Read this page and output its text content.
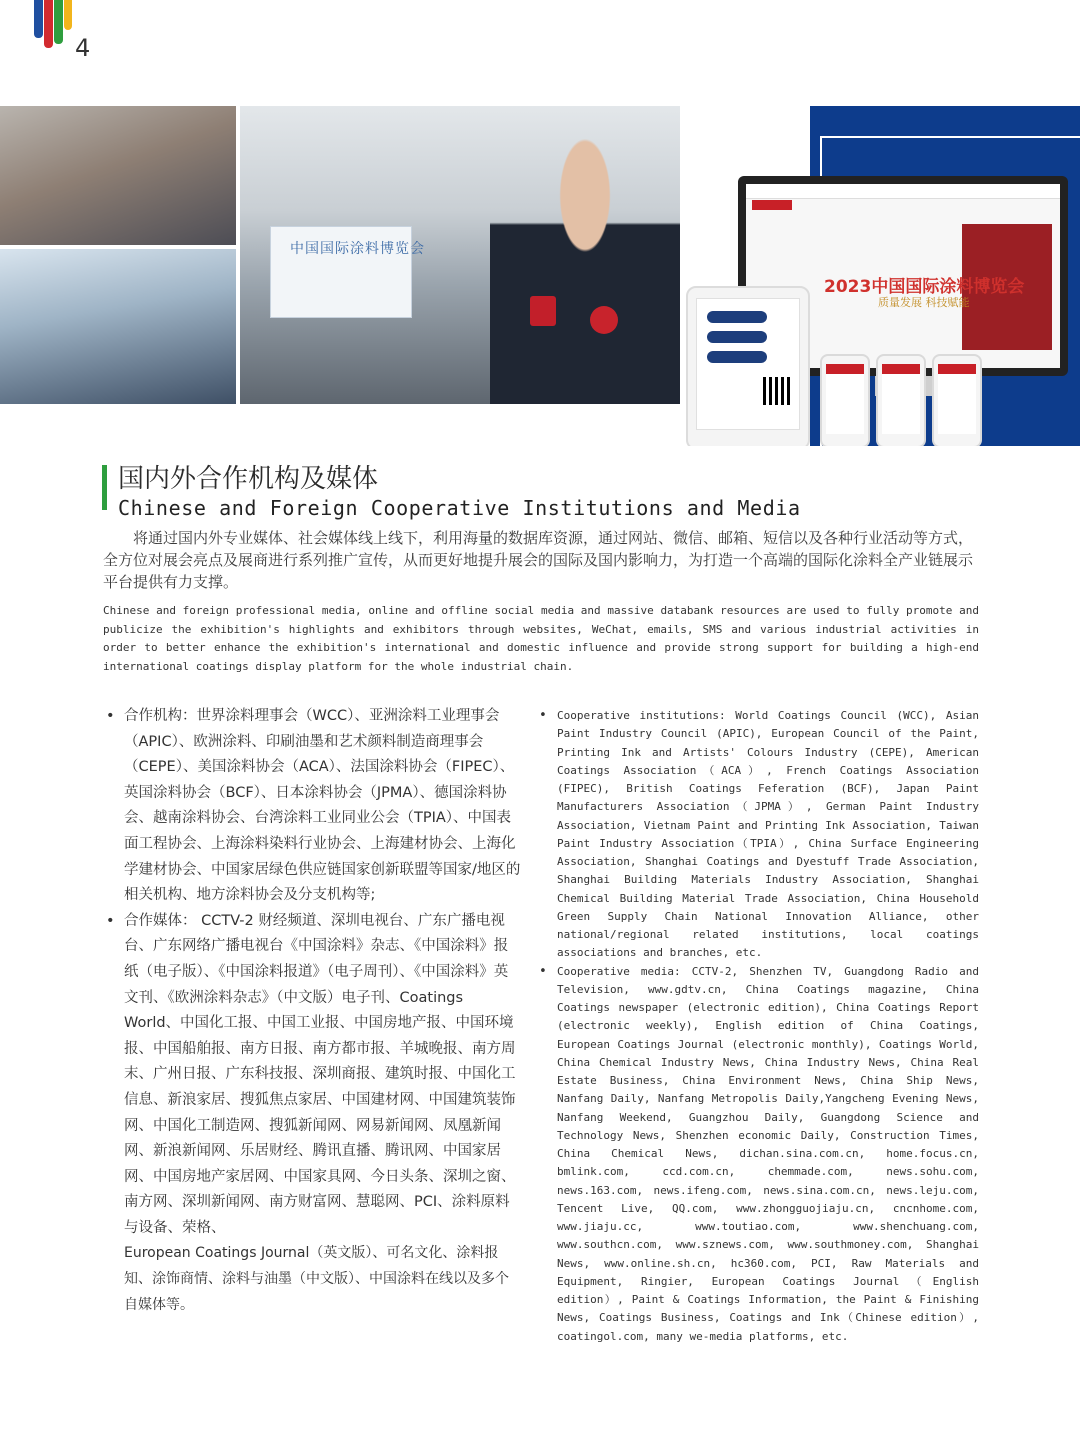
4
中国国际涂料博览会
2023中国国际涂料博览会
质量发展 科技赋能
国内外合作机构及媒体
Chinese and Foreign Cooperative Institutions and Media

将通过国内外专业媒体、社会媒体线上线下，利用海量的数据库资源，通过网站、微信、邮箱、短信以及各种行业活动等方式，全方位对展会亮点及展商进行系列推广宣传，从而更好地提升展会的国际及国内影响力，为打造一个高端的国际化涂料全产业链展示平台提供有力支撑。

Chinese and foreign professional media, online and offline social media and massive databank resources are used to fully promote and publicize the exhibition's highlights and exhibitors through websites, WeChat, emails, SMS and various industrial activities in order to better enhance the exhibition's international and domestic influence and provide strong support for building a high-end international coatings display platform for the whole industrial chain.

• 合作机构：世界涂料理事会（WCC）、亚洲涂料工业理事会（APIC）、欧洲涂料、印刷油墨和艺术颜料制造商理事会（CEPE）、美国涂料协会（ACA）、法国涂料协会（FIPEC）、英国涂料协会（BCF）、日本涂料协会（JPMA）、德国涂料协会、越南涂料协会、台湾涂料工业同业公会（TPIA）、中国表面工程协会、上海涂料染料行业协会、上海建材协会、上海化学建材协会、中国家居绿色供应链国家创新联盟等国家/地区的相关机构、地方涂料协会及分支机构等;
• 合作媒体： CCTV-2 财经频道、深圳电视台、广东广播电视台、广东网络广播电视台《中国涂料》杂志、《中国涂料》报纸（电子版）、《中国涂料报道》（电子周刊）、《中国涂料》英文刊、《欧洲涂料杂志》（中文版）电子刊、Coatings World、中国化工报、中国工业报、中国房地产报、中国环境报、中国船舶报、南方日报、南方都市报、羊城晚报、南方周末、广州日报、广东科技报、深圳商报、建筑时报、中国化工信息、新浪家居、搜狐焦点家居、中国建材网、中国建筑装饰网、中国化工制造网、搜狐新闻网、网易新闻网、凤凰新闻网、新浪新闻网、乐居财经、腾讯直播、腾讯网、中国家居网、中国房地产家居网、中国家具网、今日头条、深圳之窗、南方网、深圳新闻网、南方财富网、慧聪网、PCI、涂料原料与设备、荣格、

European Coatings Journal（英文版）、可名文化、涂料报知、涂饰商情、涂料与油墨（中文版）、中国涂料在线以及多个自媒体等。

• Cooperative institutions: World Coatings Council (WCC), Asian Paint Industry Council (APIC), European Council of the Paint, Printing Ink and Artists' Colours Industry (CEPE), American Coatings Association（ACA）, French Coatings Association (FIPEC), British Coatings Feferation (BCF), Japan Paint Manufacturers Association（JPMA）, German Paint Industry Association, Vietnam Paint and Printing Ink Association, Taiwan Paint Industry Association（TPIA）, China Surface Engineering Association, Shanghai Coatings and Dyestuff Trade Association, Shanghai Building Materials Industry Association, Shanghai Chemical Building Material Trade Association, China Household Green Supply Chain National Innovation Alliance, other national/regional related institutions, local coatings associations and branches, etc.
• Cooperative media: CCTV-2, Shenzhen TV, Guangdong Radio and Television, www.gdtv.cn, China Coatings magazine, China Coatings newspaper (electronic edition), China Coatings Report (electronic weekly), English edition of China Coatings, European Coatings Journal (electronic monthly), Coatings World, China Chemical Industry News, China Industry News, China Real Estate Business, China Environment News, China Ship News, Nanfang Daily, Nanfang Metropolis Daily,Yangcheng Evening News, Nanfang Weekend, Guangzhou Daily, Guangdong Science and Technology News, Shenzhen economic Daily, Construction Times, China Chemical News, dichan.sina.com.cn, home.focus.cn, bmlink.com, ccd.com.cn, chemmade.com, news.sohu.com, news.163.com, news.ifeng.com, news.sina.com.cn, news.leju.com, Tencent Live, QQ.com, www.zhongguojiaju.cn, cncnhome.com, www.jiaju.cc, www.toutiao.com, www.shenchuang.com, www.southcn.com, www.sznews.com, www.southmoney.com, Shanghai News, www.online.sh.cn, hc360.com, PCI, Raw Materials and Equipment, Ringier, European Coatings Journal（English edition）, Paint & Coatings Information, the Paint & Finishing News, Coatings Business, Coatings and Ink（Chinese edition）, coatingol.com, many we-media platforms, etc.
